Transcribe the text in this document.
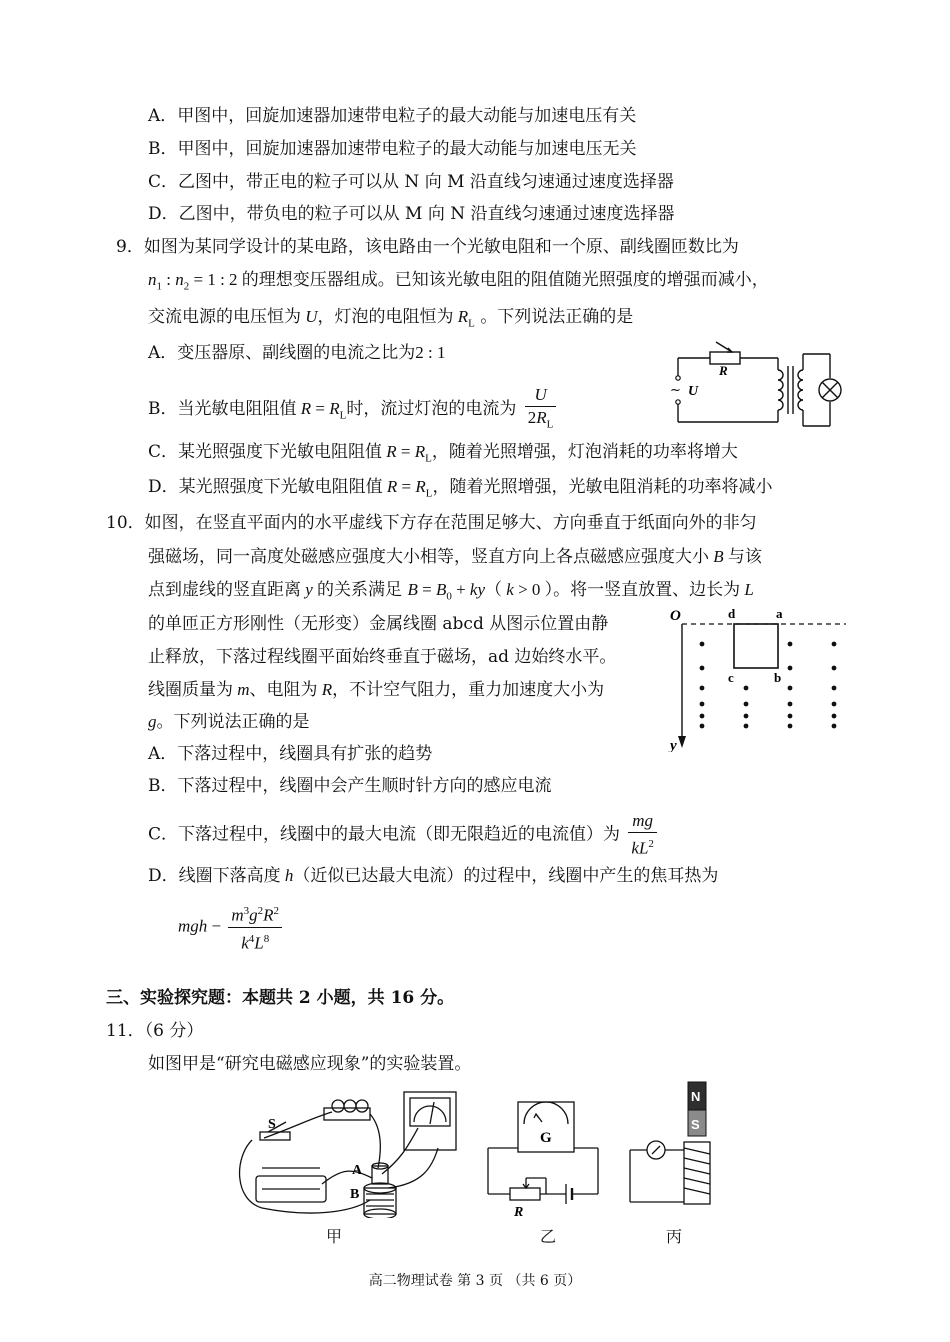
A．甲图中，回旋加速器加速带电粒子的最大动能与加速电压有关
B．甲图中，回旋加速器加速带电粒子的最大动能与加速电压无关
C．乙图中，带正电的粒子可以从 N 向 M 沿直线匀速通过速度选择器
D．乙图中，带负电的粒子可以从 M 向 N 沿直线匀速通过速度选择器
9．如图为某同学设计的某电路，该电路由一个光敏电阻和一个原、副线圈匝数比为
$n_1$ : $n_2 = 1$ : 2 的理想变压器组成。已知该光敏电阻的阻值随光照强度的增强而减小，
交流电源的电压恒为 U，灯泡的电阻恒为 $R_L$ 。下列说法正确的是
A．变压器原、副线圈的电流之比为2 : 1
B．当光敏电阻阻值 $R = R_L$时，流过灯泡的电流为 $\frac{U}{2R_L}$
C．某光照强度下光敏电阻阻值 $R = R_L$，随着光照增强，灯泡消耗的功率将增大
D．某光照强度下光敏电阻阻值 $R = R_L$，随着光照增强，光敏电阻消耗的功率将减小
~ U
R
10．如图，在竖直平面内的水平虚线下方存在范围足够大、方向垂直于纸面向外的非匀
强磁场，同一高度处磁感应强度大小相等，竖直方向上各点磁感应强度大小 B 与该
点到虚线的竖直距离 y 的关系满足 $B = B_0 + ky$（ k > 0 ）。将一竖直放置、边长为 L
的单匝正方形刚性（无形变）金属线圈 abcd 从图示位置由静
止释放，下落过程线圈平面始终垂直于磁场，ad 边始终水平。
线圈质量为 m、电阻为 R，不计空气阻力，重力加速度大小为
g。下列说法正确的是
A．下落过程中，线圈具有扩张的趋势
B．下落过程中，线圈中会产生顺时针方向的感应电流
C．下落过程中，线圈中的最大电流（即无限趋近的电流值）为 $\frac{mg}{kL^2}$
D．线圈下落高度 h（近似已达最大电流）的过程中，线圈中产生的焦耳热为
mgh − $\frac{m^3g^2R^2}{k^4L^8}$
O	d	a
c	b
y
三、实验探究题：本题共 2 小题，共 16 分。
11．（6 分）
如图甲是“研究电磁感应现象”的实验装置。
S
A
B
G
R
N
S
甲	乙	丙
高二物理试卷 第 3 页 （共 6 页）
